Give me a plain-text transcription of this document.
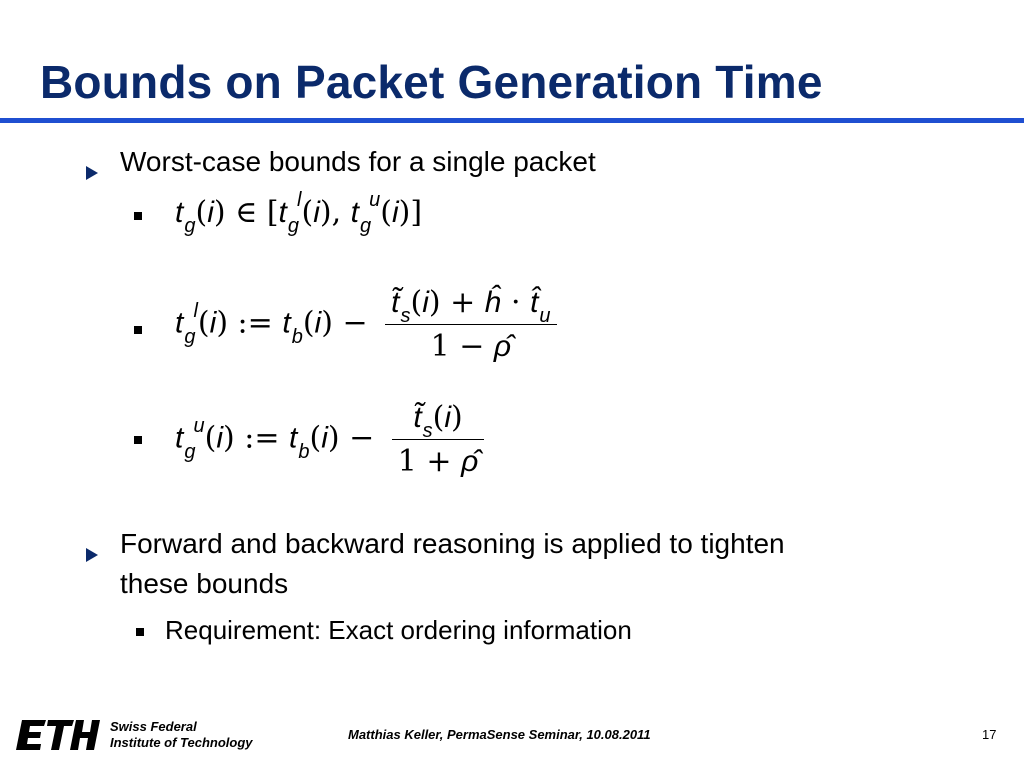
Bounds on Packet Generation Time
Worst-case bounds for a single packet
$t_g(i)$ ∈ [$t_g^l(i)$, $t_g^u(i)$]
$t_g^l(i)$ := $t_b(i) - \frac{t̃_s(i) + ĥ \cdot t̂_u}{1 - \rhô}$
$t_g^u(i)$ := $t_b(i) - \frac{t̃_s(i)}{1 + \rhô}$
Forward and backward reasoning is applied to tighten
these bounds
Requirement: Exact ordering information
Swiss Federal
Institute of Technology
Matthias Keller, PermaSense Seminar, 10.08.2011	17
